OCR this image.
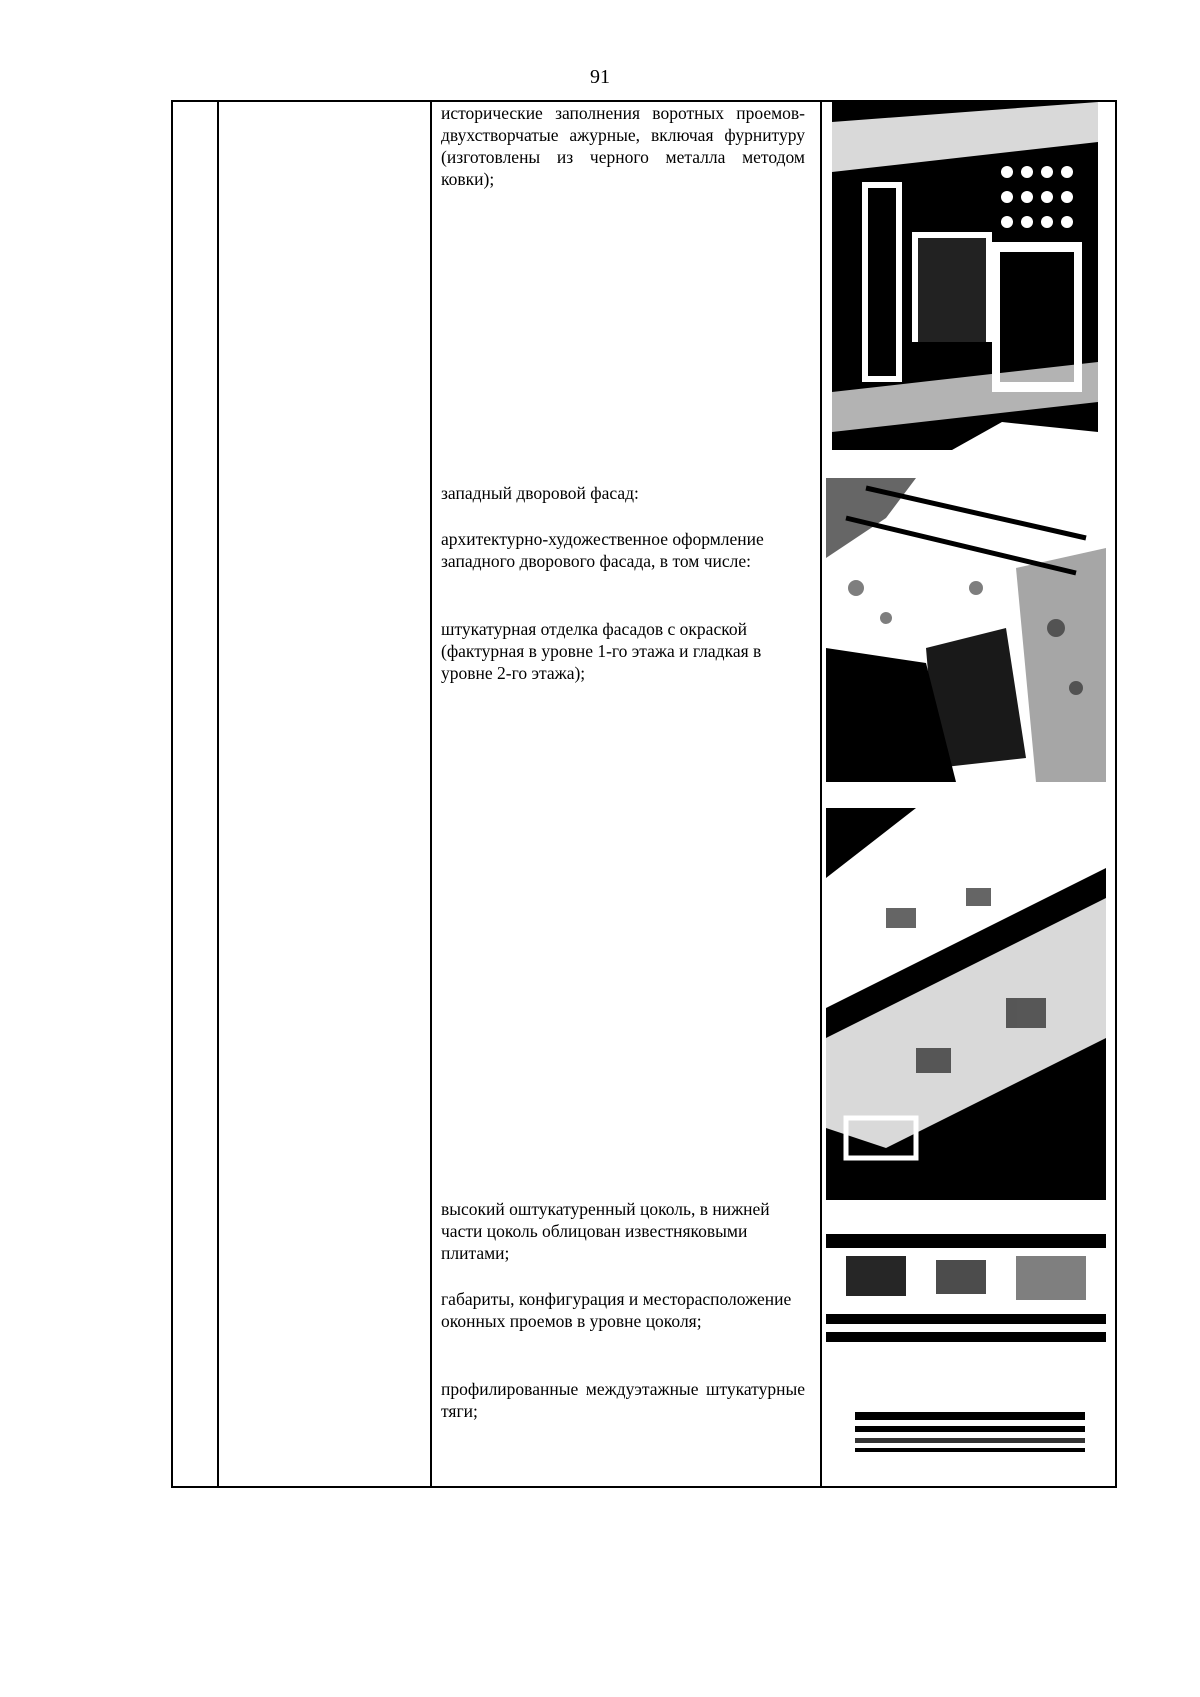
91

исторические заполнения воротных проемов-двухстворчатые ажурные, включая фурнитуру (изготовлены из черного металла методом ковки);

западный дворовой фасад:

архитектурно-художественное оформление западного дворового фасада, в том числе:

штукатурная отделка фасадов с окраской (фактурная в уровне 1-го этажа и гладкая в уровне 2-го этажа);

высокий оштукатуренный цоколь, в нижней части цоколь облицован известняковыми плитами;

габариты, конфигурация и месторасположение оконных проемов в уровне цоколя;

профилированные междуэтажные штукатурные тяги;
